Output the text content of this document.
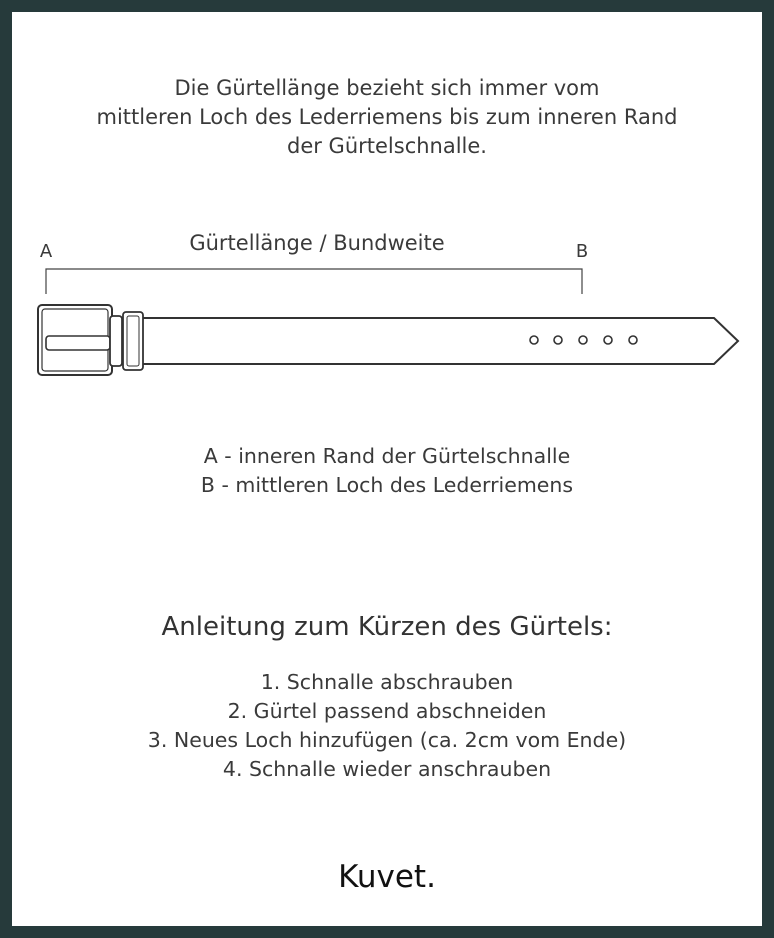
Die Gürtellänge bezieht sich immer vom
mittleren Loch des Lederriemens bis zum inneren Rand
der Gürtelschnalle.
Gürtellänge / Bundweite
A	B
A - inneren Rand der Gürtelschnalle
B - mittleren Loch des Lederriemens
Anleitung zum Kürzen des Gürtels:
1. Schnalle abschrauben
2. Gürtel passend abschneiden
3. Neues Loch hinzufügen (ca. 2cm vom Ende)
4. Schnalle wieder anschrauben
Kuvet.
